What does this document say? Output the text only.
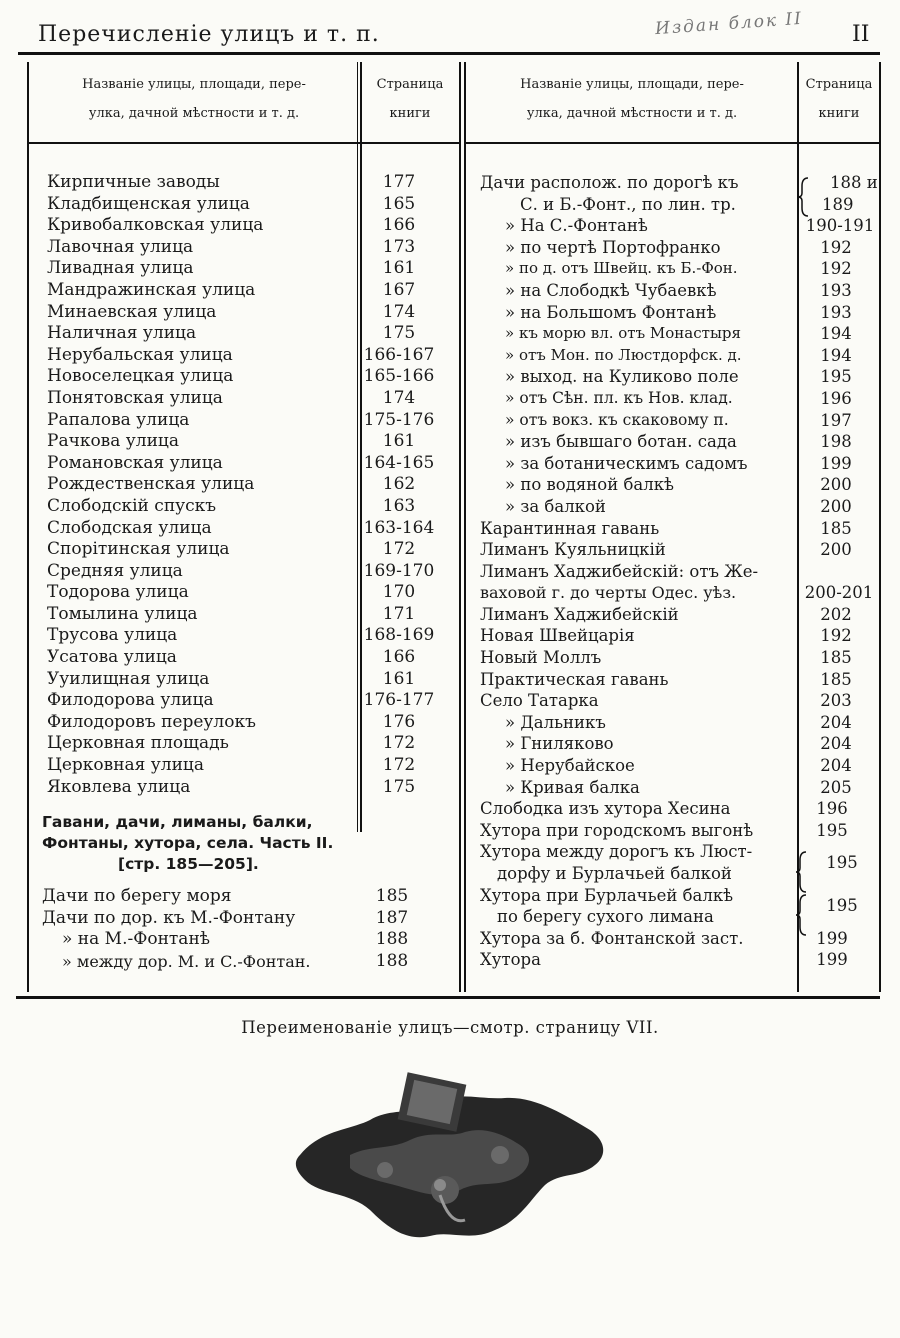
Перечисленіе улицъ и т. п.	Издан блок II II
Названіе улицы, площади, пере-
улка, дачной мѣстности и т. д.
Страница
книги
Названіе улицы, площади, пере-
улка, дачной мѣстности и т. д.
Страница
книги
Кирпичные заводы	177
Кладбищенская улица	165
Кривобалковская улица	166
Лавочная улица	173
Ливадная улица	161
Мандражинская улица	167
Минаевская улица	174
Наличная улица	175
Нерубальская улица	166-167
Новоселецкая улица	165-166
Понятовская улица	174
Рапалова улица	175-176
Рачкова улица	161
Романовская улица	164-165
Рождественская улица	162
Слободскій спускъ	163
Слободская улица	163-164
Спорітинская улица	172
Средняя улица	169-170
Тодорова улица	170
Томылина улица	171
Трусова улица	168-169
Усатова улица	166
Ууилищная улица	161
Филодорова улица	176-177
Филодоровъ переулокъ	176
Церковная площадь	172
Церковная улица	172
Яковлева улица	175
Гавани, дачи, лиманы, балки,
Фонтаны, хутора, села. Часть II.
[стр. 185—205].
Дачи по берегу моря	185
Дачи по дор. къ М.-Фонтану	187
» на М.-Фонтанѣ	188
» между дор. М. и С.-Фонтан.	188
Дачи располож. по дорогѣ къ	188 и
С. и Б.-Фонт., по лин. тр.	189
» На С.-Фонтанѣ	190-191
» по чертѣ Портофранко	192
» по д. отъ Швейц. къ Б.-Фон.	192
» на Слободкѣ Чубаевкѣ	193
» на Большомъ Фонтанѣ	193
» къ морю вл. отъ Монастыря	194
» отъ Мон. по Люстдорфск. д.	194
» выход. на Куликово поле	195
» отъ Сѣн. пл. къ Нов. клад.	196
» отъ вокз. къ скаковому п.	197
» изъ бывшаго ботан. сада	198
» за ботаническимъ садомъ	199
» по водяной балкѣ	200
» за балкой	200
Карантинная гавань	185
Лиманъ Куяльницкій	200
Лиманъ Хаджибейскій: отъ Же-
ваховой г. до черты Одес. уѣз.	200-201
Лиманъ Хаджибейскій	202
Новая Швейцарія	192
Новый Моллъ	185
Практическая гавань	185
Село Татарка	203
» Дальникъ	204
» Гниляково	204
» Нерубайское	204
» Кривая балка	205
Слободка изъ хутора Хесина	196
Хутора при городскомъ выгонѣ	195
Хутора между дорогъ къ Люст-
дорфу и Бурлачьей балкой
195
Хутора при Бурлачьей балкѣ
по берегу сухого лимана
195
Хутора за б. Фонтанской заст.	199
Хутора	199
Переименованіе улицъ—смотр. страницу VII.
